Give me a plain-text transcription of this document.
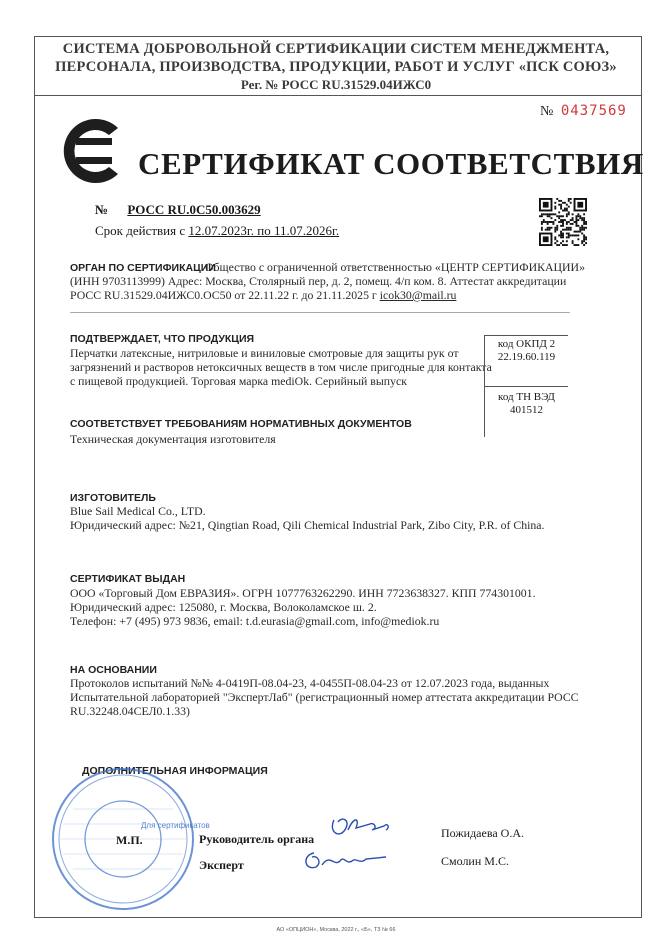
СИСТЕМА ДОБРОВОЛЬНОЙ СЕРТИФИКАЦИИ СИСТЕМ МЕНЕДЖМЕНТА,
ПЕРСОНАЛА, ПРОИЗВОДСТВА, ПРОДУКЦИИ, РАБОТ И УСЛУГ «ПСК СОЮЗ»
Рег. № РОСС RU.31529.04ИЖС0
№ 0437569
СЕРТИФИКАТ СООТВЕТСТВИЯ
№ РОСС RU.0С50.003629
Срок действия с 12.07.2023г. по 11.07.2026г.
ОРГАН ПО СЕРТИФИКАЦИИ
Общество с ограниченной ответственностью «ЦЕНТР СЕРТИФИКАЦИИ»
(ИНН 9703113999) Адрес: Москва, Столярный пер, д. 2, помещ. 4/п ком. 8. Аттестат аккредитации
РОСС RU.31529.04ИЖС0.ОС50 от 22.11.22 г. до 21.11.2025 г icok30@mail.ru
ПОДТВЕРЖДАЕТ, ЧТО ПРОДУКЦИЯ
Перчатки латексные, нитриловые и виниловые смотровые для защиты рук от
загрязнений и растворов нетоксичных веществ в том числе пригодные для контакта
с пищевой продукцией. Торговая марка mediOk. Серийный выпуск
код ОКПД 2
22.19.60.119
код ТН ВЭД
401512
СООТВЕТСТВУЕТ ТРЕБОВАНИЯМ НОРМАТИВНЫХ ДОКУМЕНТОВ
Техническая документация изготовителя
ИЗГОТОВИТЕЛЬ
Blue Sail Medical Co., LTD.
Юридический адрес: №21, Qingtian Road, Qili Chemical Industrial Park, Zibo City, P.R. of China.
СЕРТИФИКАТ ВЫДАН
ООО «Торговый Дом ЕВРАЗИЯ». ОГРН 1077763262290. ИНН 7723638327. КПП 774301001.
Юридический адрес: 125080, г. Москва, Волоколамское ш. 2.
Телефон: +7 (495) 973 9836, email: t.d.eurasia@gmail.com, info@mediok.ru
НА ОСНОВАНИИ
Протоколов испытаний №№ 4-0419П-08.04-23, 4-0455П-08.04-23 от 12.07.2023 года, выданных
Испытательной лабораторией "ЭкспертЛаб" (регистрационный номер аттестата аккредитации РОСС
RU.32248.04СЕЛ0.1.33)
ДОПОЛНИТЕЛЬНАЯ ИНФОРМАЦИЯ
Для сертификатов
М.П.	Руководитель органа	Пожидаева О.А.
Эксперт	Смолин М.С.
АО «ОПЦИОН», Москва, 2022 г., «Б», ТЗ № 66
